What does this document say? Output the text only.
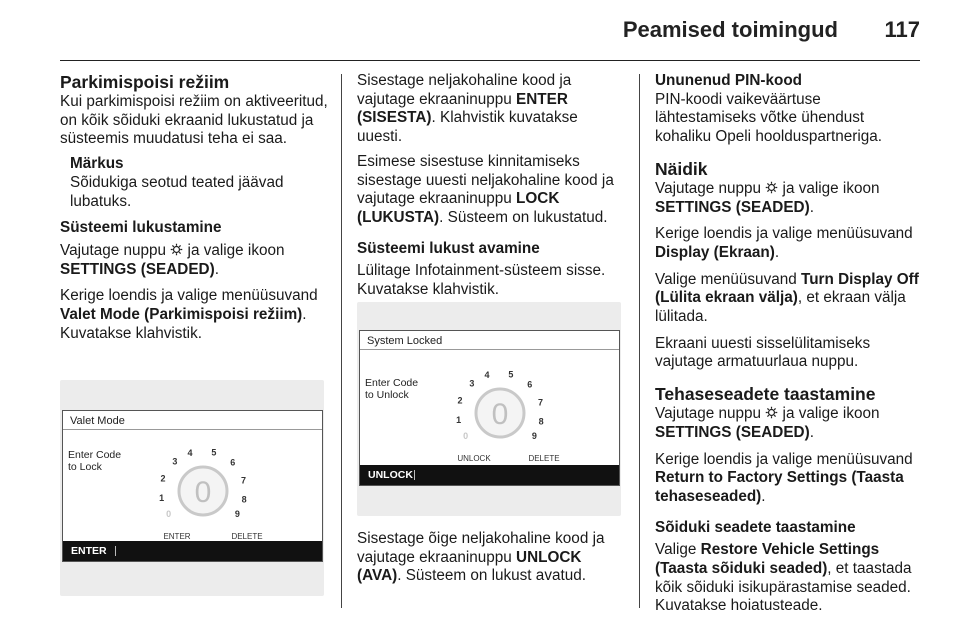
Peamised toimingud 117
Parkimispoisi režiim

Kui parkimispoisi režiim on aktiveeritud, on kõik sõiduki ekraanid lukustatud ja süsteemis muudatusi teha ei saa.

Märkus
Sõidukiga seotud teated jäävad lubatuks.
Süsteemi lukustamine

Vajutage nuppu ja valige ikoon SETTINGS (SEADED).

Kerige loendis ja valige menüüsuvand Valet Mode (Parkimispoisi režiim). Kuvatakse klahvistik.

Valet Mode
Enter Code to Lock
0
0
1
2
3
4 5
6
7
8
9
ENTER	DELETE
ENTER

Sisestage neljakohaline kood ja vajutage ekraaninuppu ENTER (SISESTA). Klahvistik kuvatakse uuesti.

Esimese sisestuse kinnitamiseks sisestage uuesti neljakohaline kood ja vajutage ekraaninuppu LOCK (LUKUSTA). Süsteem on lukustatud.

Süsteemi lukust avamine

Lülitage Infotainment-süsteem sisse. Kuvatakse klahvistik.

System Locked
Enter Code to Unlock
0
0
1
2
3
4 5
6
7
8
9
UNLOCK	DELETE
UNLOCK

Sisestage õige neljakohaline kood ja vajutage ekraaninuppu UNLOCK (AVA). Süsteem on lukust avatud.

Ununenud PIN-kood

PIN-koodi vaikeväärtuse lähtestamiseks võtke ühendust kohaliku Opeli hoolduspartneriga.

Näidik

Vajutage nuppu ja valige ikoon SETTINGS (SEADED).

Kerige loendis ja valige menüüsuvand Display (Ekraan).

Valige menüüsuvand Turn Display Off (Lülita ekraan välja), et ekraan välja lülitada.

Ekraani uuesti sisselülitamiseks vajutage armatuurlaua nuppu.

Tehaseseadete taastamine

Vajutage nuppu ja valige ikoon SETTINGS (SEADED).

Kerige loendis ja valige menüüsuvand Return to Factory Settings (Taasta tehaseseaded).

Sõiduki seadete taastamine

Valige Restore Vehicle Settings (Taasta sõiduki seaded), et taastada kõik sõiduki isikupärastamise seaded. Kuvatakse hoiatusteade.
